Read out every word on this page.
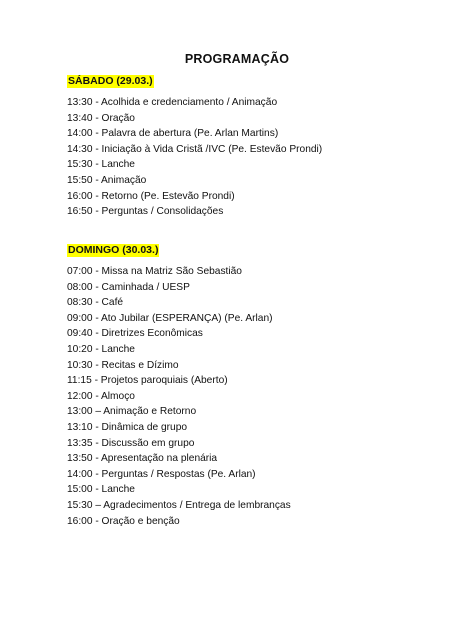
PROGRAMAÇÃO
SÁBADO (29.03.)
13:30 - Acolhida e credenciamento / Animação
13:40 - Oração
14:00 - Palavra de abertura (Pe. Arlan Martins)
14:30 - Iniciação à Vida Cristã /IVC (Pe. Estevão Prondi)
15:30 - Lanche
15:50 - Animação
16:00 - Retorno (Pe. Estevão Prondi)
16:50 - Perguntas / Consolidações
DOMINGO (30.03.)
07:00 - Missa na Matriz São Sebastião
08:00 - Caminhada / UESP
08:30 - Café
09:00 - Ato Jubilar (ESPERANÇA) (Pe. Arlan)
09:40 - Diretrizes Econômicas
10:20 - Lanche
10:30 - Recitas e Dízimo
11:15 - Projetos paroquiais (Aberto)
12:00 - Almoço
13:00 – Animação e Retorno
13:10 - Dinâmica de grupo
13:35 - Discussão em grupo
13:50 - Apresentação na plenária
14:00 - Perguntas / Respostas (Pe. Arlan)
15:00 - Lanche
15:30 – Agradecimentos / Entrega de lembranças
16:00 - Oração e benção
